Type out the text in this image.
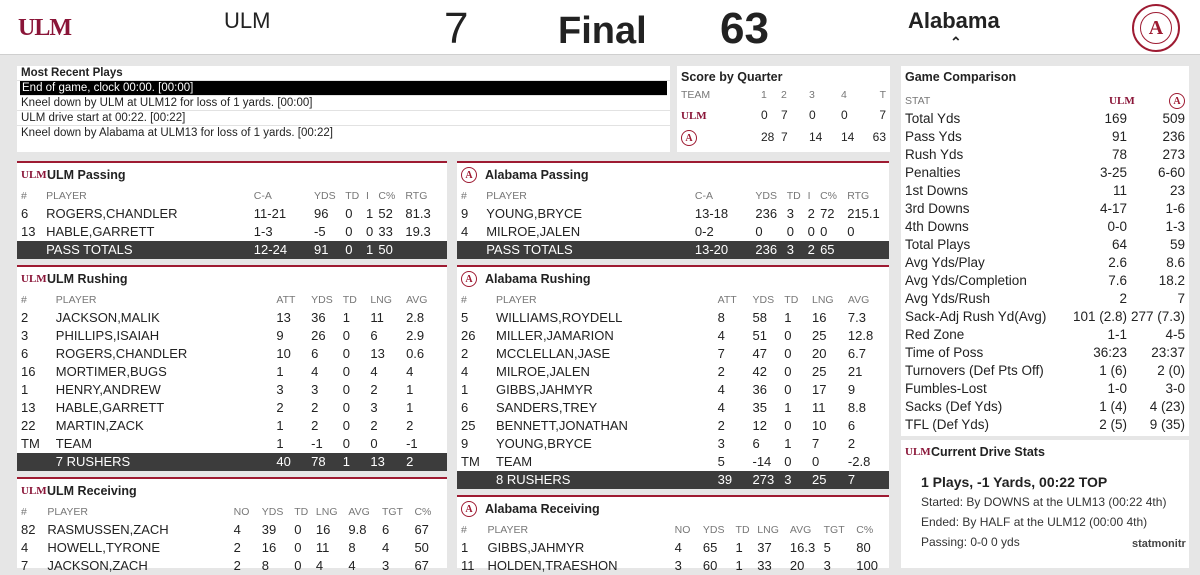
ULM	ULM	7 Final 63	Alabama
⌃
A
Most Recent Plays
End of game, clock 00:00. [00:00]
Kneel down by ULM at ULM12 for loss of 1 yards. [00:00]
ULM drive start at 00:22. [00:22]
Kneel down by Alabama at ULM13 for loss of 1 yards. [00:22]
Score by Quarter
TEAM	1	2	3	4	T
ULM	0	7	0	0	7
A	28	7	14	14	63
Game Comparison
STAT	ULM	A
Total Yds	169	509
Pass Yds	91	236
Rush Yds	78	273
Penalties	3-25	6-60
1st Downs	11	23
3rd Downs	4-17	1-6
4th Downs	0-0	1-3
Total Plays	64	59
Avg Yds/Play	2.6	8.6
Avg Yds/Completion	7.6	18.2
Avg Yds/Rush	2	7
Sack-Adj Rush Yd(Avg)	101 (2.8)	277 (7.3)
Red Zone	1-1	4-5
Time of Poss	36:23	23:37
Turnovers (Def Pts Off)	1 (6)	2 (0)
Fumbles-Lost	1-0	3-0
Sacks (Def Yds)	1 (4)	4 (23)
TFL (Def Yds)	2 (5)	9 (35)
ULM ULM Passing
#	PLAYER	C-A	YDS	TD	I	C%	RTG
6	ROGERS,CHANDLER	11-21	96	0	1	52	81.3
13	HABLE,GARRETT	1-3	-5	0	0	33	19.3
	PASS TOTALS	12-24	91	0	1	50	
A Alabama Passing
#	PLAYER	C-A	YDS	TD	I	C%	RTG
9	YOUNG,BRYCE	13-18	236	3	2	72	215.1
4	MILROE,JALEN	0-2	0	0	0	0	0
	PASS TOTALS	13-20	236	3	2	65	
ULM ULM Rushing
#	PLAYER	ATT	YDS	TD	LNG	AVG
2	JACKSON,MALIK	13	36	1	11	2.8
3	PHILLIPS,ISAIAH	9	26	0	6	2.9
6	ROGERS,CHANDLER	10	6	0	13	0.6
16	MORTIMER,BUGS	1	4	0	4	4
1	HENRY,ANDREW	3	3	0	2	1
13	HABLE,GARRETT	2	2	0	3	1
22	MARTIN,ZACK	1	2	0	2	2
TM	TEAM	1	-1	0	0	-1
	7 RUSHERS	40	78	1	13	2
A Alabama Rushing
#	PLAYER	ATT	YDS	TD	LNG	AVG
5	WILLIAMS,ROYDELL	8	58	1	16	7.3
26	MILLER,JAMARION	4	51	0	25	12.8
2	MCCLELLAN,JASE	7	47	0	20	6.7
4	MILROE,JALEN	2	42	0	25	21
1	GIBBS,JAHMYR	4	36	0	17	9
6	SANDERS,TREY	4	35	1	11	8.8
25	BENNETT,JONATHAN	2	12	0	10	6
9	YOUNG,BRYCE	3	6	1	7	2
TM	TEAM	5	-14	0	0	-2.8
	8 RUSHERS	39	273	3	25	7
ULM ULM Receiving
#	PLAYER	NO	YDS	TD	LNG	AVG	TGT	C%
82	RASMUSSEN,ZACH	4	39	0	16	9.8	6	67
4	HOWELL,TYRONE	2	16	0	11	8	4	50
7	JACKSON,ZACH	2	8	0	4	4	3	67
A Alabama Receiving
#	PLAYER	NO	YDS	TD	LNG	AVG	TGT	C%
1	GIBBS,JAHMYR	4	65	1	37	16.3	5	80
11	HOLDEN,TRAESHON	3	60	1	33	20	3	100
ULM Current Drive Stats
1 Plays, -1 Yards, 00:22 TOP
Started: By DOWNS at the ULM13 (00:22 4th)
Ended: By HALF at the ULM12 (00:00 4th)
Passing: 0-0 0 yds	statmonitr
